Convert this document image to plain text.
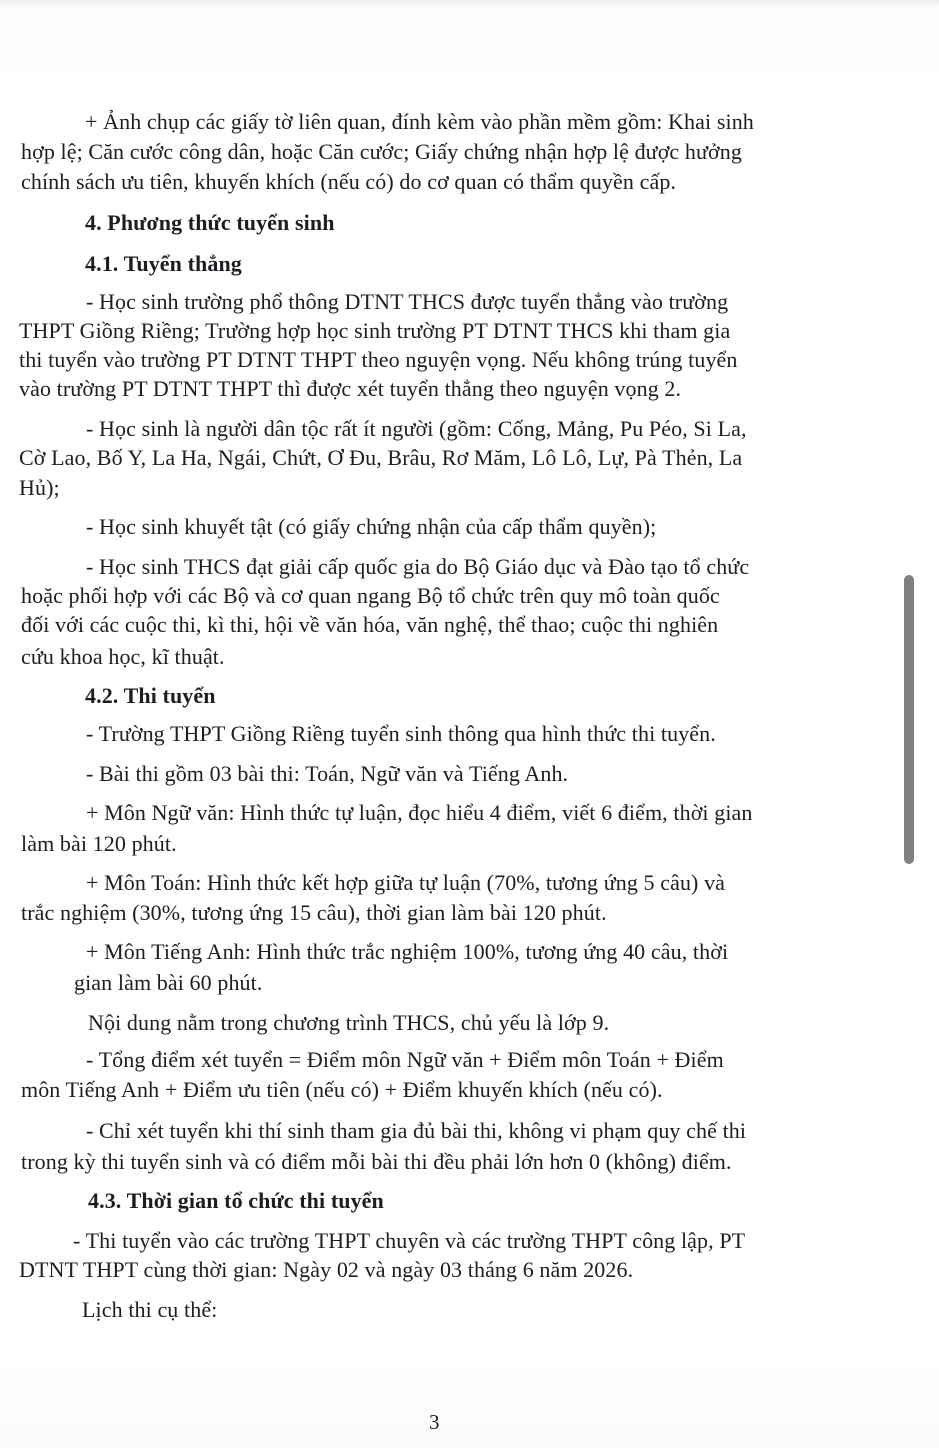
+ Ảnh chụp các giấy tờ liên quan, đính kèm vào phần mềm gồm: Khai sinh
hợp lệ; Căn cước công dân, hoặc Căn cước; Giấy chứng nhận hợp lệ được hưởng
chính sách ưu tiên, khuyến khích (nếu có) do cơ quan có thẩm quyền cấp.
4. Phương thức tuyển sinh
4.1. Tuyển thẳng
- Học sinh trường phổ thông DTNT THCS được tuyển thẳng vào trường
THPT Giồng Riềng; Trường hợp học sinh trường PT DTNT THCS khi tham gia
thi tuyển vào trường PT DTNT THPT theo nguyện vọng. Nếu không trúng tuyển
vào trường PT DTNT THPT thì được xét tuyển thẳng theo nguyện vọng 2.
- Học sinh là người dân tộc rất ít người (gồm: Cống, Mảng, Pu Péo, Si La,
Cờ Lao, Bố Y, La Ha, Ngái, Chứt, Ơ Đu, Brâu, Rơ Măm, Lô Lô, Lự, Pà Thẻn, La
Hủ);
- Học sinh khuyết tật (có giấy chứng nhận của cấp thẩm quyền);
- Học sinh THCS đạt giải cấp quốc gia do Bộ Giáo dục và Đào tạo tổ chức
hoặc phối hợp với các Bộ và cơ quan ngang Bộ tổ chức trên quy mô toàn quốc
đối với các cuộc thi, kì thi, hội về văn hóa, văn nghệ, thể thao; cuộc thi nghiên
cứu khoa học, kĩ thuật.
4.2. Thi tuyển
- Trường THPT Giồng Riềng tuyển sinh thông qua hình thức thi tuyển.
- Bài thi gồm 03 bài thi: Toán, Ngữ văn và Tiếng Anh.
+ Môn Ngữ văn: Hình thức tự luận, đọc hiểu 4 điểm, viết 6 điểm, thời gian
làm bài 120 phút.
+ Môn Toán: Hình thức kết hợp giữa tự luận (70%, tương ứng 5 câu) và
trắc nghiệm (30%, tương ứng 15 câu), thời gian làm bài 120 phút.
+ Môn Tiếng Anh: Hình thức trắc nghiệm 100%, tương ứng 40 câu, thời
gian làm bài 60 phút.
Nội dung nằm trong chương trình THCS, chủ yếu là lớp 9.
- Tổng điểm xét tuyển = Điểm môn Ngữ văn + Điểm môn Toán + Điểm
môn Tiếng Anh + Điểm ưu tiên (nếu có) + Điểm khuyến khích (nếu có).
- Chỉ xét tuyển khi thí sinh tham gia đủ bài thi, không vi phạm quy chế thi
trong kỳ thi tuyển sinh và có điểm mỗi bài thi đều phải lớn hơn 0 (không) điểm.
4.3. Thời gian tổ chức thi tuyển
- Thi tuyển vào các trường THPT chuyên và các trường THPT công lập, PT
DTNT THPT cùng thời gian: Ngày 02 và ngày 03 tháng 6 năm 2026.
Lịch thi cụ thể:
3
